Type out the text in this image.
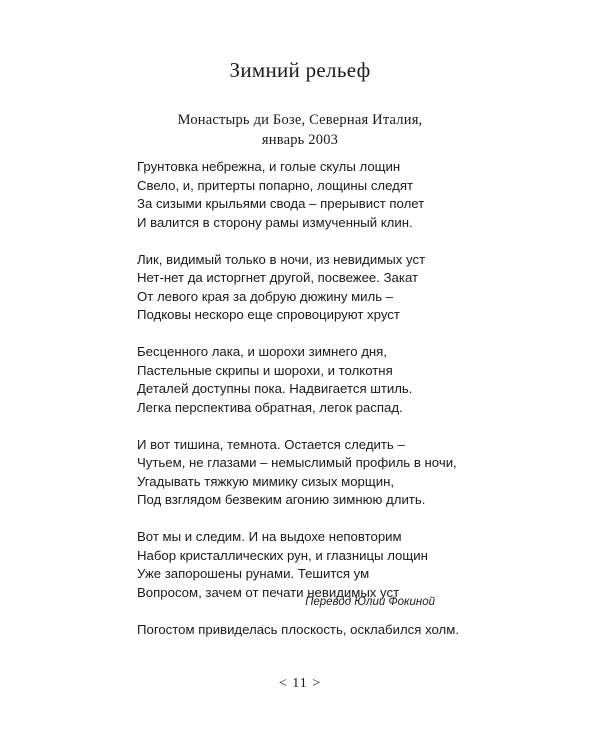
Зимний рельеф
Монастырь ди Бозе, Северная Италия,
январь 2003
Грунтовка небрежна, и голые скулы лощин
Свело, и, притерты попарно, лощины следят
За сизыми крыльями свода – прерывист полет
И валится в сторону рамы измученный клин.
Лик, видимый только в ночи, из невидимых уст
Нет-нет да исторгнет другой, посвежее. Закат
От левого края за добрую дюжину миль –
Подковы нескоро еще спровоцируют хруст
Бесценного лака, и шорохи зимнего дня,
Пастельные скрипы и шорохи, и толкотня
Деталей доступны пока. Надвигается штиль.
Легка перспектива обратная, легок распад.
И вот тишина, темнота. Остается следить –
Чутьем, не глазами – немыслимый профиль в ночи,
Угадывать тяжкую мимику сизых морщин,
Под взглядом безвеким агонию зимнюю длить.
Вот мы и следим. И на выдохе неповторим
Набор кристаллических рун, и глазницы лощин
Уже запорошены рунами. Тешится ум
Вопросом, зачем от печати невидимых уст
Погостом привиделась плоскость, осклабился холм.
Перевод Юлии Фокиной
< 11 >
